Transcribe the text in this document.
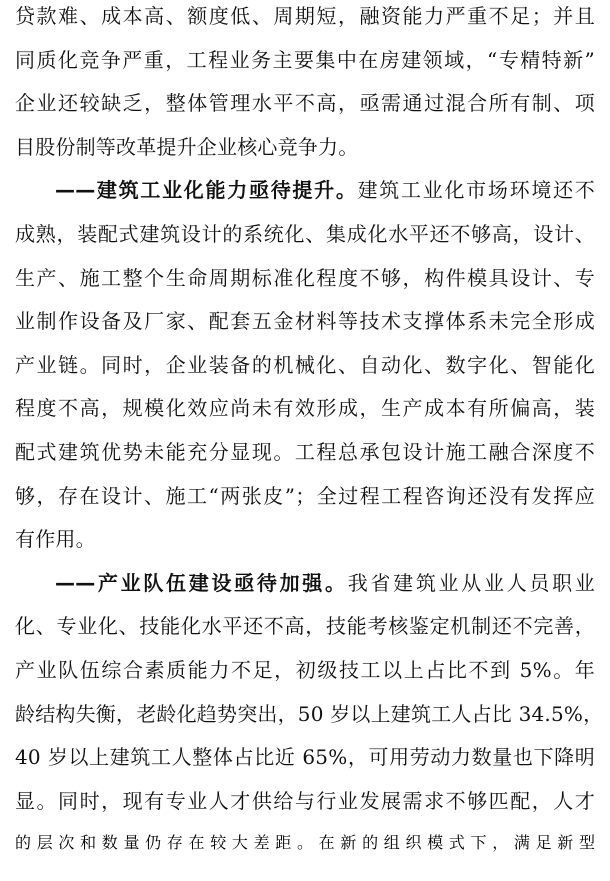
贷款难、成本高、额度低、周期短，融资能力严重不足；并且
同质化竞争严重，工程业务主要集中在房建领域，“专精特新”
企业还较缺乏，整体管理水平不高，亟需通过混合所有制、项
目股份制等改革提升企业核心竞争力。
——建筑工业化能力亟待提升。建筑工业化市场环境还不
成熟，装配式建筑设计的系统化、集成化水平还不够高，设计、
生产、施工整个生命周期标准化程度不够，构件模具设计、专
业制作设备及厂家、配套五金材料等技术支撑体系未完全形成
产业链。同时，企业装备的机械化、自动化、数字化、智能化
程度不高，规模化效应尚未有效形成，生产成本有所偏高，装
配式建筑优势未能充分显现。工程总承包设计施工融合深度不
够，存在设计、施工“两张皮”；全过程工程咨询还没有发挥应
有作用。
——产业队伍建设亟待加强。我省建筑业从业人员职业
化、专业化、技能化水平还不高，技能考核鉴定机制还不完善，
产业队伍综合素质能力不足，初级技工以上占比不到 5%。年
龄结构失衡，老龄化趋势突出，50 岁以上建筑工人占比 34.5%，
40 岁以上建筑工人整体占比近 65%，可用劳动力数量也下降明
显。同时，现有专业人才供给与行业发展需求不够匹配，人才
的层次和数量仍存在较大差距。在新的组织模式下，满足新型
